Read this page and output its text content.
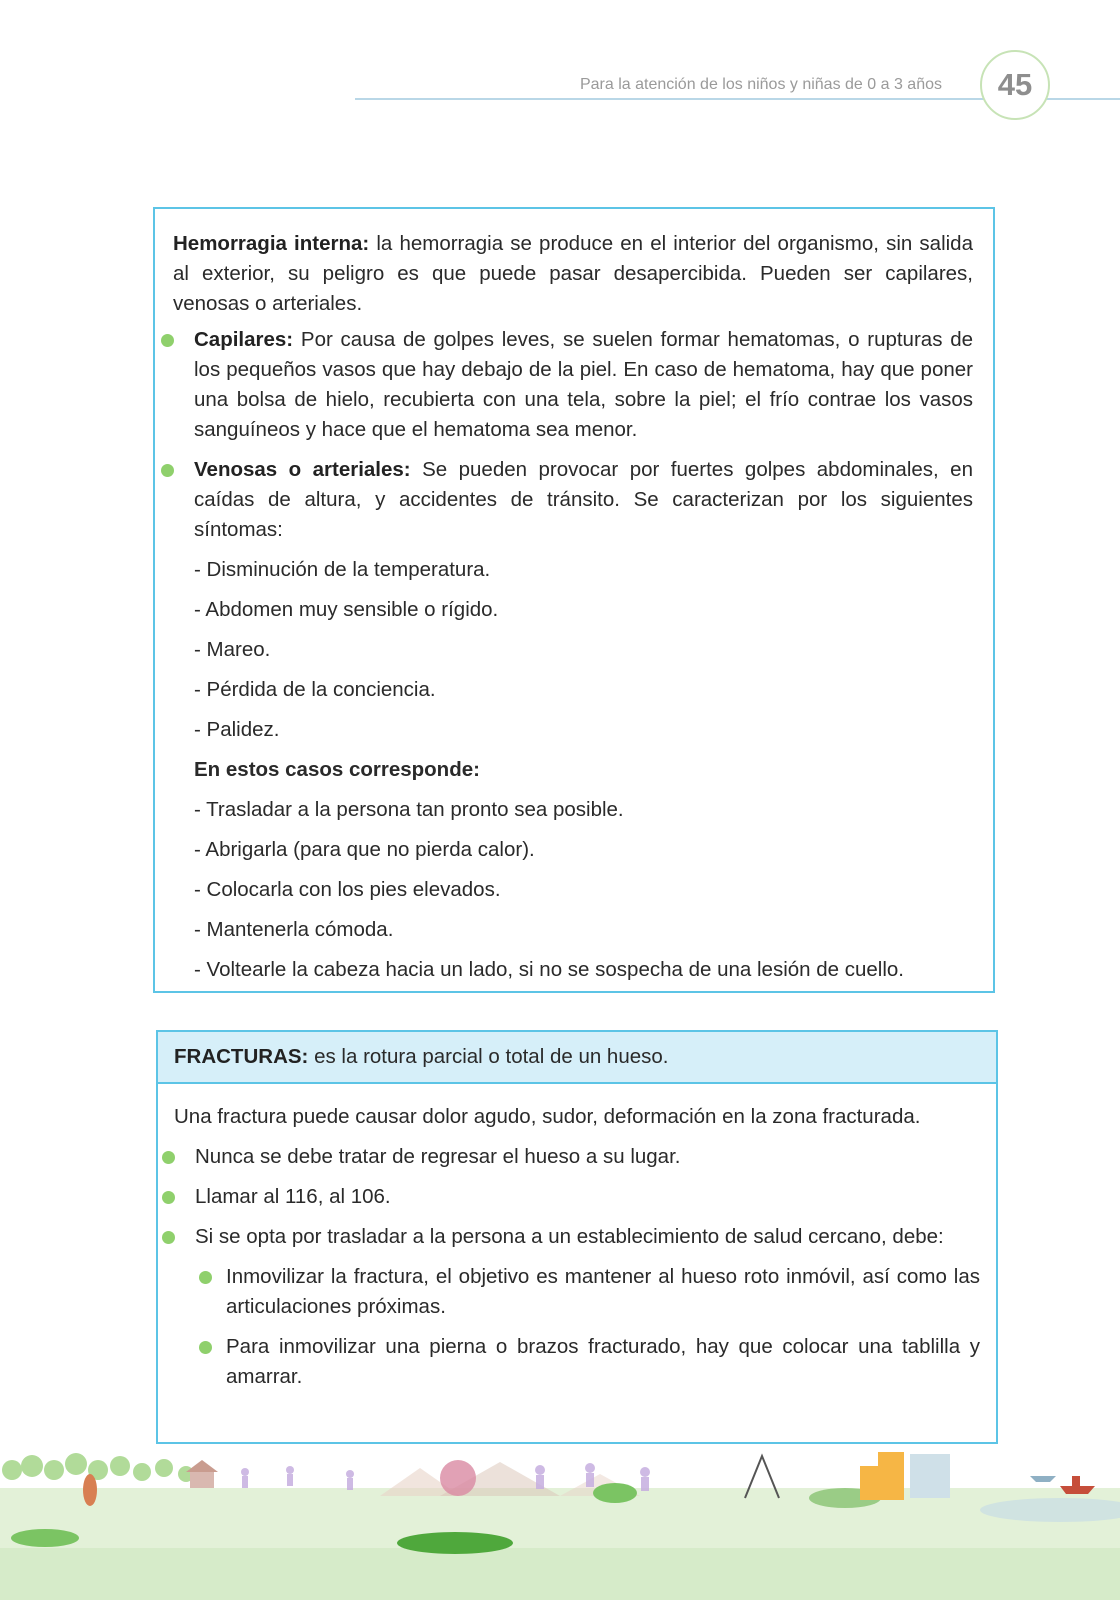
Para la atención de los niños y niñas de 0 a 3 años	45

Hemorragia interna: la hemorragia se produce en el interior del organismo, sin salida al exterior, su peligro es que puede pasar desapercibida. Pueden ser capilares, venosas o arteriales.

Capilares: Por causa de golpes leves, se suelen formar hematomas, o rupturas de los pequeños vasos que hay debajo de la piel. En caso de hematoma, hay que poner una bolsa de hielo, recubierta con una tela, sobre la piel; el frío contrae los vasos sanguíneos y hace que el hematoma sea menor.
Venosas o arteriales: Se pueden provocar por fuertes golpes abdominales, en caídas de altura, y accidentes de tránsito. Se caracterizan por los siguientes síntomas:
- Disminución de la temperatura.
- Abdomen muy sensible o rígido.
- Mareo.
- Pérdida de la conciencia.
- Palidez.
En estos casos corresponde:
- Trasladar a la persona tan pronto sea posible.
- Abrigarla (para que no pierda calor).
- Colocarla con los pies elevados.
- Mantenerla cómoda.
- Voltearle la cabeza hacia un lado, si no se sospecha de una lesión de cuello.
FRACTURAS: es la rotura parcial o total de un hueso.

Una fractura puede causar dolor agudo, sudor, deformación en la zona fracturada.

Nunca se debe tratar de regresar el hueso a su lugar.
Llamar al 116, al 106.
Si se opta por trasladar a la persona a un establecimiento de salud cercano, debe:
Inmovilizar la fractura, el objetivo es mantener al hueso roto inmóvil, así como las articulaciones próximas.
Para inmovilizar una pierna o brazos fracturado, hay que colocar una tablilla y amarrar.
